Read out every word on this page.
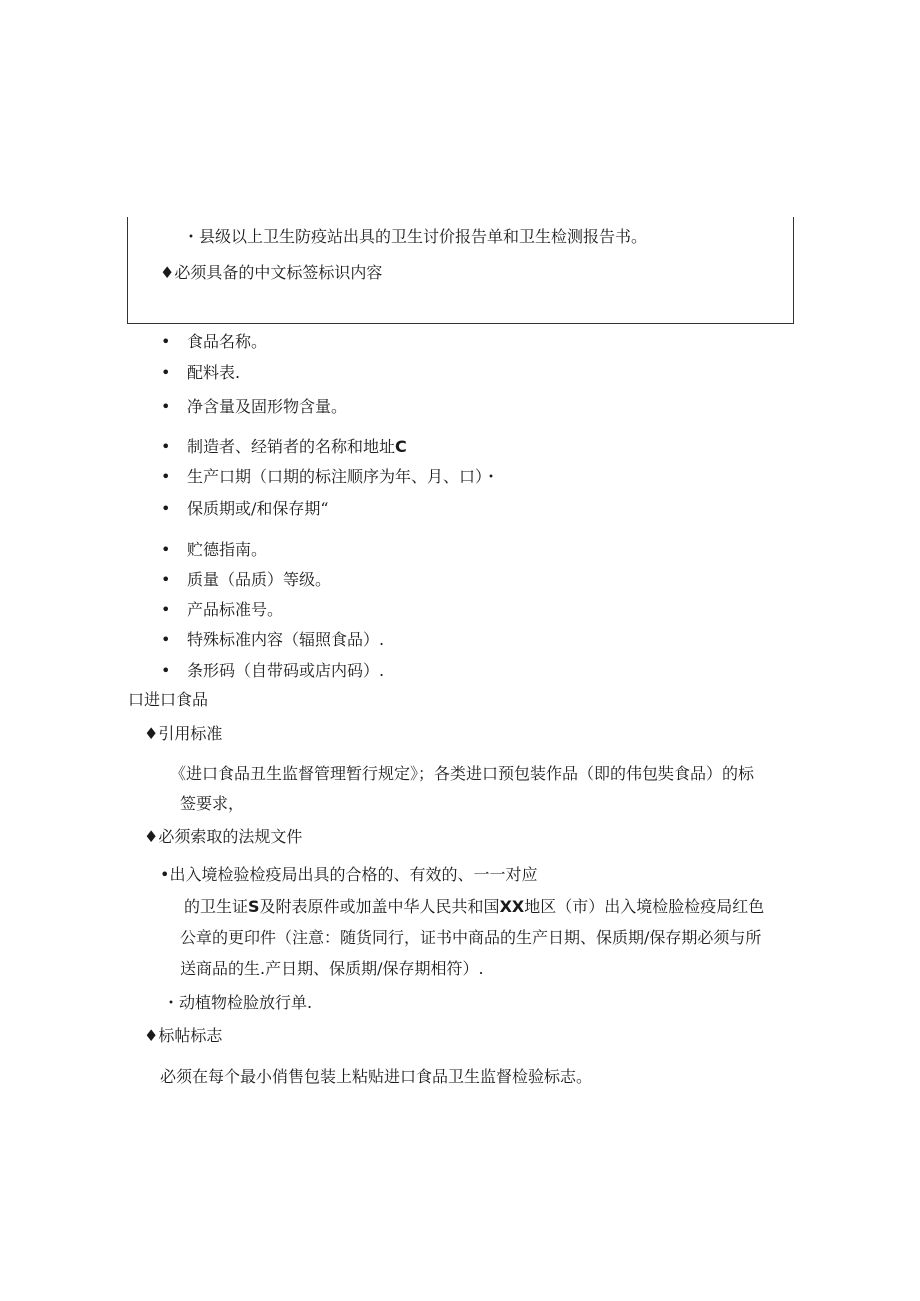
・县级以上卫生防疫站出具的卫生讨价报告单和卫生检测报告书。
♦必须具备的中文标签标识内容
• 食品名称。
• 配料表.
• 净含量及固形物含量。
• 制造者、经销者的名称和地址C
• 生产口期（口期的标注顺序为年、月、口）・
• 保质期或/和保存期“
• 贮德指南。
• 质量（品质）等级。
• 产品标准号。
• 特殊标准内容（辐照食品）.
• 条形码（自带码或店内码）.
口进口食品
♦引用标准
《进口食品丑生监督管理暂行规定》；各类进口预包装作品（即的伟包奘食品）的标
签要求，
♦必须索取的法规文件
•出入境检验检疫局出具的合格的、有效的、一一对应
的卫生证S及附表原件或加盖中华人民共和国XX地区（市）出入境检脸检疫局红色
公章的更印件（注意：随货同行，证书中商品的生产日期、保质期/保存期必须与所
送商品的生.产日期、保质期/保存期相符）.
・动植物检脸放行单.
♦标帖标志
必须在每个最小俏售包装上粘贴进口食品卫生监督检验标志。
